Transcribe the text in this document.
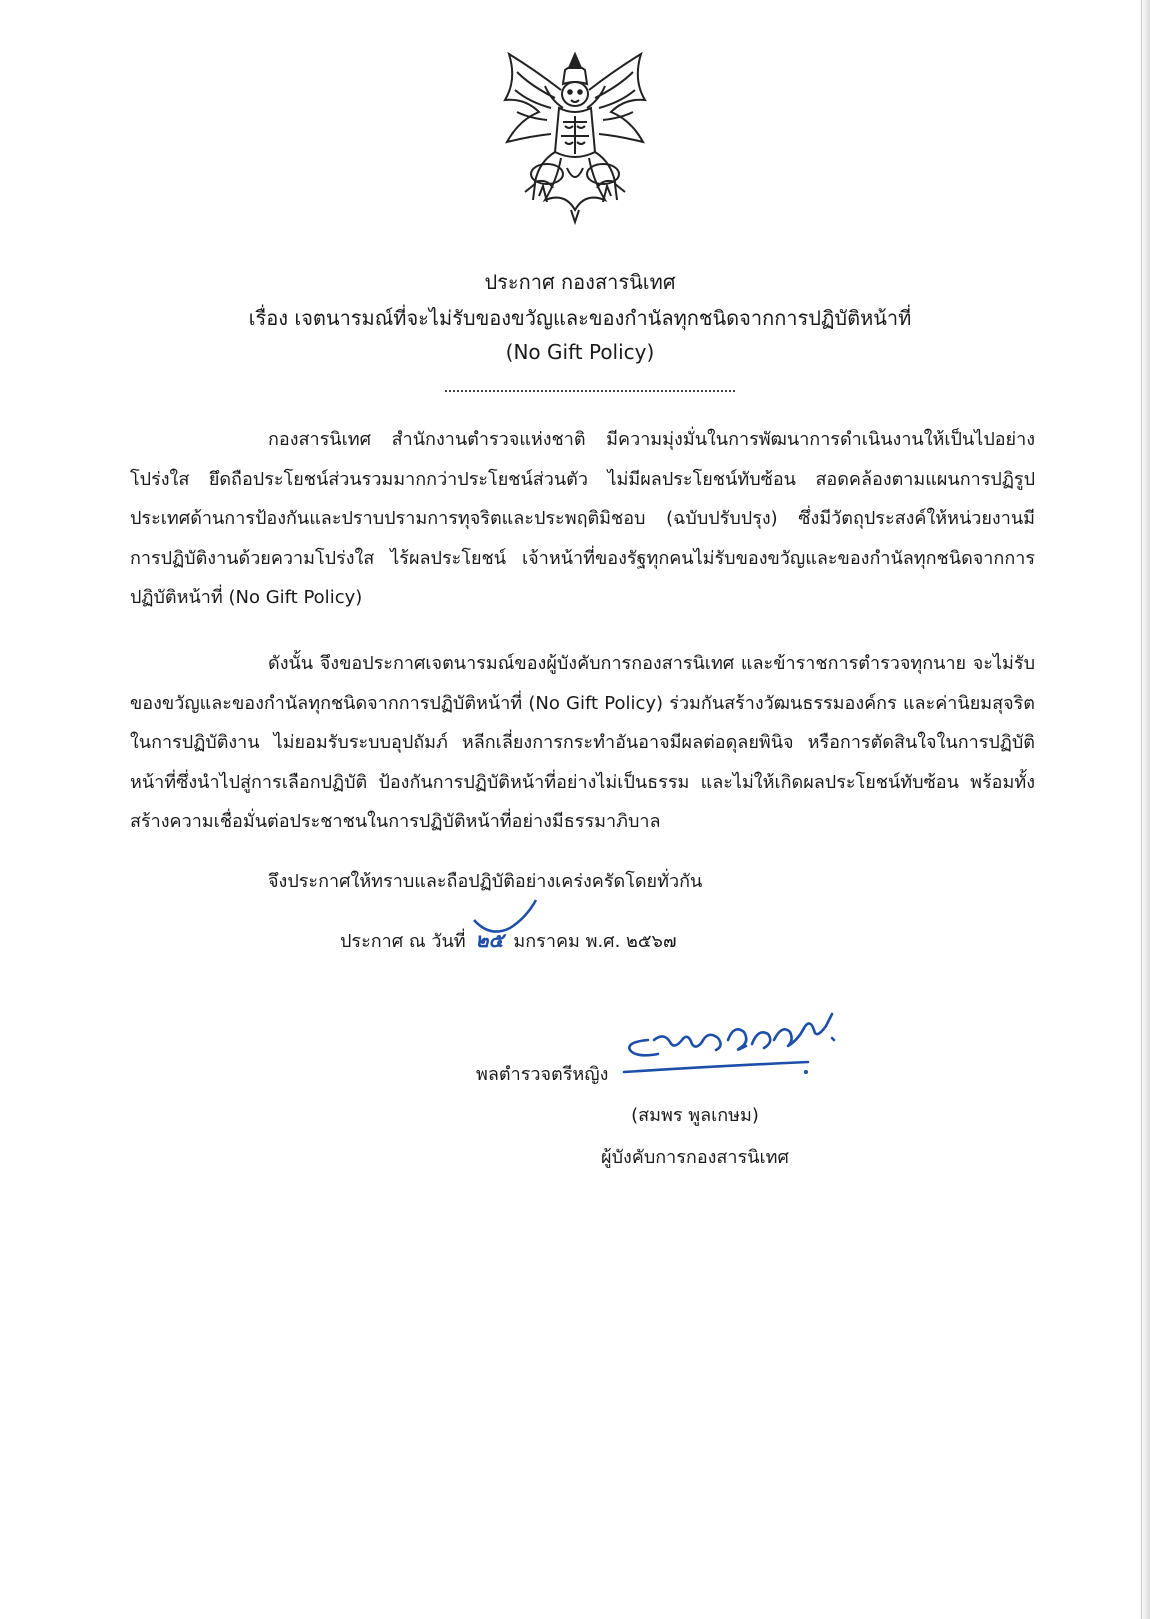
ประกาศ กองสารนิเทศ
เรื่อง เจตนารมณ์ที่จะไม่รับของขวัญและของกำนัลทุกชนิดจากการปฏิบัติหน้าที่
(No Gift Policy)

กองสารนิเทศ สำนักงานตำรวจแห่งชาติ มีความมุ่งมั่นในการพัฒนาการดำเนินงานให้เป็นไปอย่างโปร่งใส ยึดถือประโยชน์ส่วนรวมมากกว่าประโยชน์ส่วนตัว ไม่มีผลประโยชน์ทับซ้อน สอดคล้องตามแผนการปฏิรูปประเทศด้านการป้องกันและปราบปรามการทุจริตและประพฤติมิชอบ (ฉบับปรับปรุง) ซึ่งมีวัตถุประสงค์ให้หน่วยงานมีการปฏิบัติงานด้วยความโปร่งใส ไร้ผลประโยชน์ เจ้าหน้าที่ของรัฐทุกคนไม่รับของขวัญและของกำนัลทุกชนิดจากการปฏิบัติหน้าที่ (No Gift Policy)

ดังนั้น จึงขอประกาศเจตนารมณ์ของผู้บังคับการกองสารนิเทศ และข้าราชการตำรวจทุกนาย จะไม่รับของขวัญและของกำนัลทุกชนิดจากการปฏิบัติหน้าที่ (No Gift Policy) ร่วมกันสร้างวัฒนธรรมองค์กร และค่านิยมสุจริตในการปฏิบัติงาน ไม่ยอมรับระบบอุปถัมภ์ หลีกเลี่ยงการกระทำอันอาจมีผลต่อดุลยพินิจ หรือการตัดสินใจในการปฏิบัติหน้าที่ซึ่งนำไปสู่การเลือกปฏิบัติ ป้องกันการปฏิบัติหน้าที่อย่างไม่เป็นธรรม และไม่ให้เกิดผลประโยชน์ทับซ้อน พร้อมทั้งสร้างความเชื่อมั่นต่อประชาชนในการปฏิบัติหน้าที่อย่างมีธรรมาภิบาล

จึงประกาศให้ทราบและถือปฏิบัติอย่างเคร่งครัดโดยทั่วกัน
ประกาศ ณ วันที่ ๒๕ มกราคม พ.ศ. ๒๕๖๗
พลตำรวจตรีหญิง
(สมพร พูลเกษม)
ผู้บังคับการกองสารนิเทศ
